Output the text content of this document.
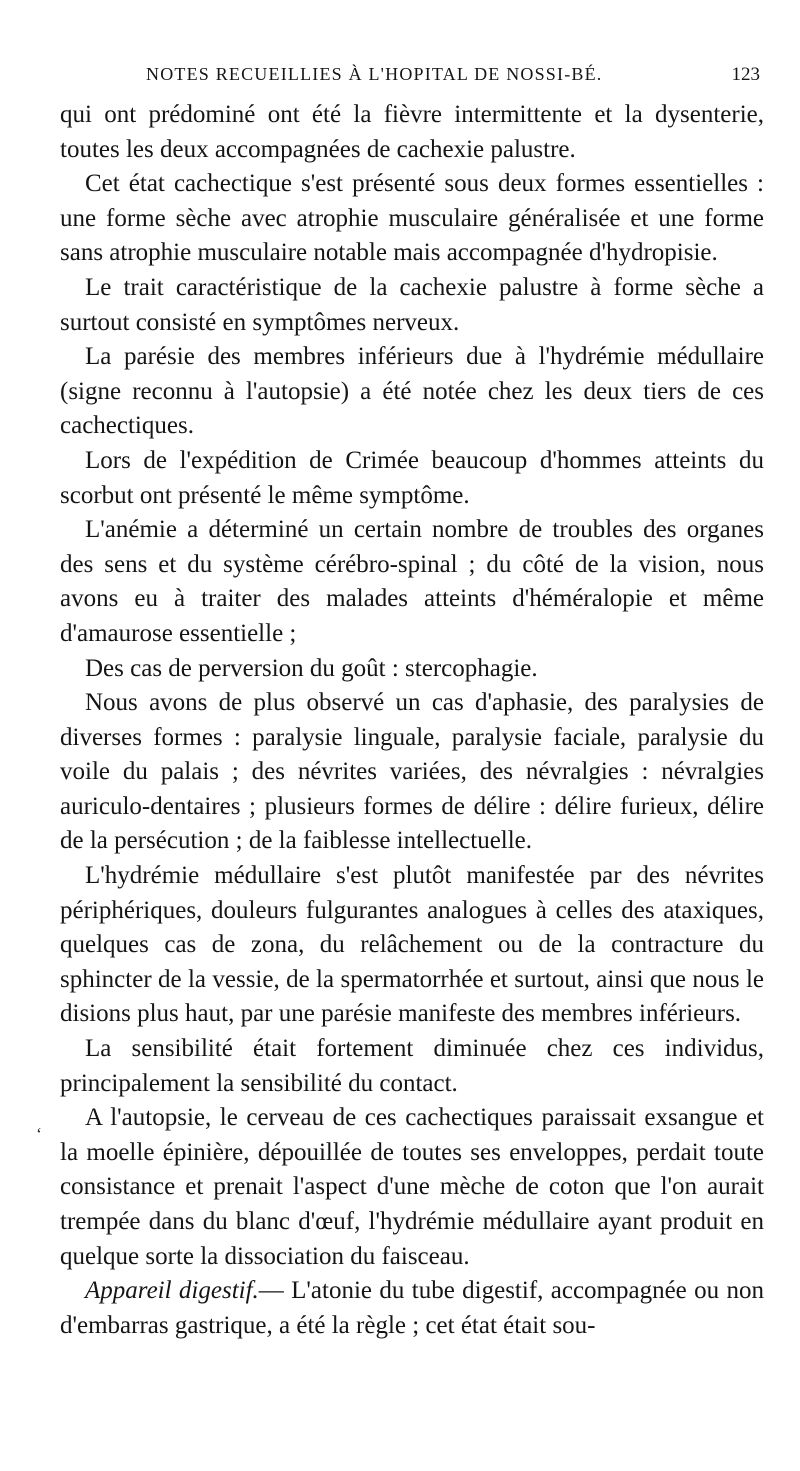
NOTES RECUEILLIES À L'HOPITAL DE NOSSI-BÉ.	123
ʻ

qui ont prédominé ont été la fièvre intermittente et la dysenterie, toutes les deux accompagnées de cachexie palustre.

Cet état cachectique s'est présenté sous deux formes essentielles : une forme sèche avec atrophie musculaire généralisée et une forme sans atrophie musculaire notable mais accompagnée d'hydropisie.

Le trait caractéristique de la cachexie palustre à forme sèche a surtout consisté en symptômes nerveux.

La parésie des membres inférieurs due à l'hydrémie médullaire (signe reconnu à l'autopsie) a été notée chez les deux tiers de ces cachectiques.

Lors de l'expédition de Crimée beaucoup d'hommes atteints du scorbut ont présenté le même symptôme.

L'anémie a déterminé un certain nombre de troubles des organes des sens et du système cérébro-spinal ; du côté de la vision, nous avons eu à traiter des malades atteints d'héméralopie et même d'amaurose essentielle ;

Des cas de perversion du goût : stercophagie.

Nous avons de plus observé un cas d'aphasie, des paralysies de diverses formes : paralysie linguale, paralysie faciale, paralysie du voile du palais ; des névrites variées, des névralgies : névralgies auriculo-dentaires ; plusieurs formes de délire : délire furieux, délire de la persécution ; de la faiblesse intellectuelle.

L'hydrémie médullaire s'est plutôt manifestée par des névrites périphériques, douleurs fulgurantes analogues à celles des ataxiques, quelques cas de zona, du relâchement ou de la contracture du sphincter de la vessie, de la spermatorrhée et surtout, ainsi que nous le disions plus haut, par une parésie manifeste des membres inférieurs.

La sensibilité était fortement diminuée chez ces individus, principalement la sensibilité du contact.

A l'autopsie, le cerveau de ces cachectiques paraissait exsangue et la moelle épinière, dépouillée de toutes ses enveloppes, perdait toute consistance et prenait l'aspect d'une mèche de coton que l'on aurait trempée dans du blanc d'œuf, l'hydrémie médullaire ayant produit en quelque sorte la dissociation du faisceau.

Appareil digestif.— L'atonie du tube digestif, accompagnée ou non d'embarras gastrique, a été la règle ; cet état était sou-
